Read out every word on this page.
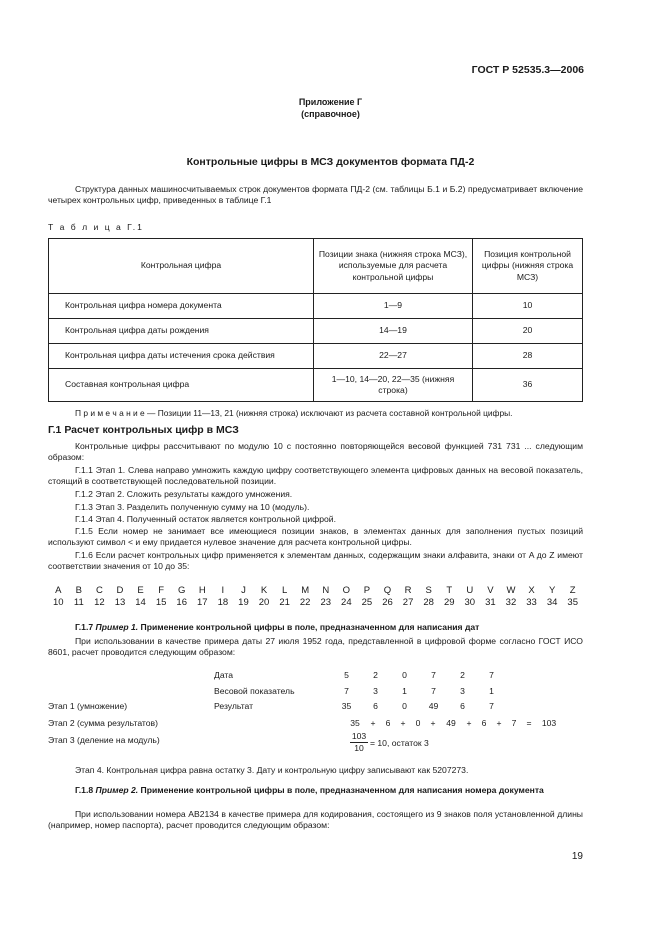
ГОСТ Р 52535.3—2006
Приложение Г
(справочное)
Контрольные цифры в МСЗ документов формата ПД-2
Структура данных машиносчитываемых строк документов формата ПД-2 (см. таблицы Б.1 и Б.2) предусматривает включение четырех контрольных цифр, приведенных в таблице Г.1
Т а б л и ц а Г.1
Контрольная цифра	Позиции знака (нижняя строка МСЗ), используемые для расчета контрольной цифры	Позиция контрольной цифры (нижняя строка МСЗ)
Контрольная цифра номера документа	1—9	10
Контрольная цифра даты рождения	14—19	20
Контрольная цифра даты истечения срока действия	22—27	28
Составная контрольная цифра	1—10, 14—20, 22—35 (нижняя строка)	36
П р и м е ч а н и е — Позиции 11—13, 21 (нижняя строка) исключают из расчета составной контрольной цифры.
Г.1 Расчет контрольных цифр в МСЗ
Контрольные цифры рассчитывают по модулю 10 с постоянно повторяющейся весовой функцией 731 731 ... следующим образом:
Г.1.1 Этап 1. Слева направо умножить каждую цифру соответствующего элемента цифровых данных на весовой показатель, стоящий в соответствующей последовательной позиции.
Г.1.2 Этап 2. Сложить результаты каждого умножения.
Г.1.3 Этап 3. Разделить полученную сумму на 10 (модуль).
Г.1.4 Этап 4. Полученный остаток является контрольной цифрой.
Г.1.5 Если номер не занимает все имеющиеся позиции знаков, в элементах данных для заполнения пустых позиций используют символ < и ему придается нулевое значение для расчета контрольной цифры.
Г.1.6 Если расчет контрольных цифр применяется к элементам данных, содержащим знаки алфавита, знаки от A до Z имеют соответствии значения от 10 до 35:
A	B	C	D	E	F	G	H	I	J	K	L	M	N	O	P	Q	R	S	T	U	V	W	X	Y	Z
10	11	12	13	14	15	16	17	18	19	20	21	22	23	24	25	26	27	28	29	30	31	32	33	34	35
Г.1.7 Пример 1. Применение контрольной цифры в поле, предназначенном для написания дат
При использовании в качестве примера даты 27 июля 1952 года, представленной в цифровой форме согласно ГОСТ ИСО 8601, расчет проводится следующим образом:
Дата	5	2	0	7	2	7
Весовой показатель	7	3	1	7	3	1
Этап 1 (умножение)	Результат	35	6	0	49	6	7
Этап 2 (сумма результатов)	35	+	6	+	0	+	49	+	6	+	7	=	103
Этап 3 (деление на модуль)	$\frac{103}{10} = 10$, остаток 3
Этап 4. Контрольная цифра равна остатку 3. Дату и контрольную цифру записывают как 5207273.
Г.1.8 Пример 2. Применение контрольной цифры в поле, предназначенном для написания номера документа
При использовании номера AB2134 в качестве примера для кодирования, состоящего из 9 знаков поля установленной длины (например, номер паспорта), расчет проводится следующим образом:
19
